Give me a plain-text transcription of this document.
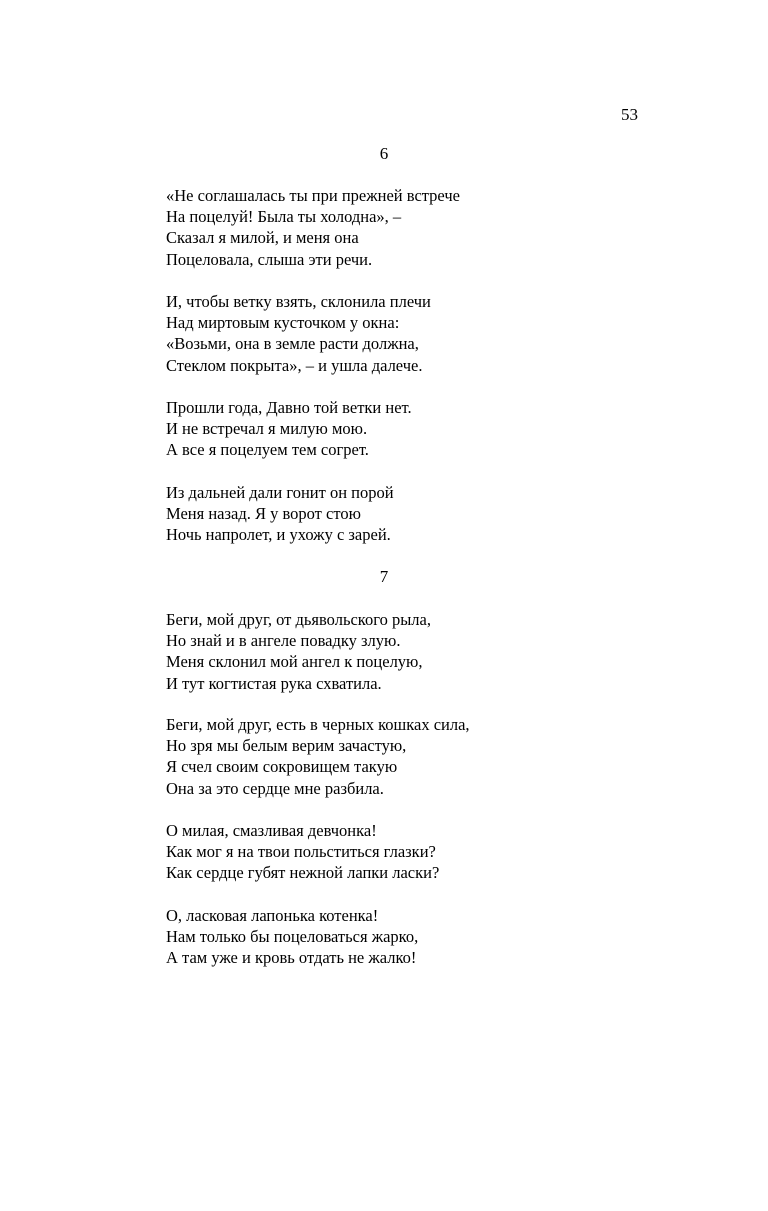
53
6
«Не соглашалась ты при прежней встрече
На поцелуй! Была ты холодна», –
Сказал я милой, и меня она
Поцеловала, слыша эти речи.
И, чтобы ветку взять, склонила плечи
Над миртовым кусточком у окна:
«Возьми, она в земле расти должна,
Стеклом покрыта», – и ушла далече.
Прошли года, Давно той ветки нет.
И не встречал я милую мою.
А все я поцелуем тем согрет.
Из дальней дали гонит он порой
Меня назад. Я у ворот стою
Ночь напролет, и ухожу с зарей.
7
Беги, мой друг, от дьявольского рыла,
Но знай и в ангеле повадку злую.
Меня склонил мой ангел к поцелую,
И тут когтистая рука схватила.
Беги, мой друг, есть в черных кошках сила,
Но зря мы белым верим зачастую,
Я счел своим сокровищем такую
Она за это сердце мне разбила.
О милая, смазливая девчонка!
Как мог я на твои польститься глазки?
Как сердце губят нежной лапки ласки?
О, ласковая лапонька котенка!
Нам только бы поцеловаться жарко,
А там уже и кровь отдать не жалко!
